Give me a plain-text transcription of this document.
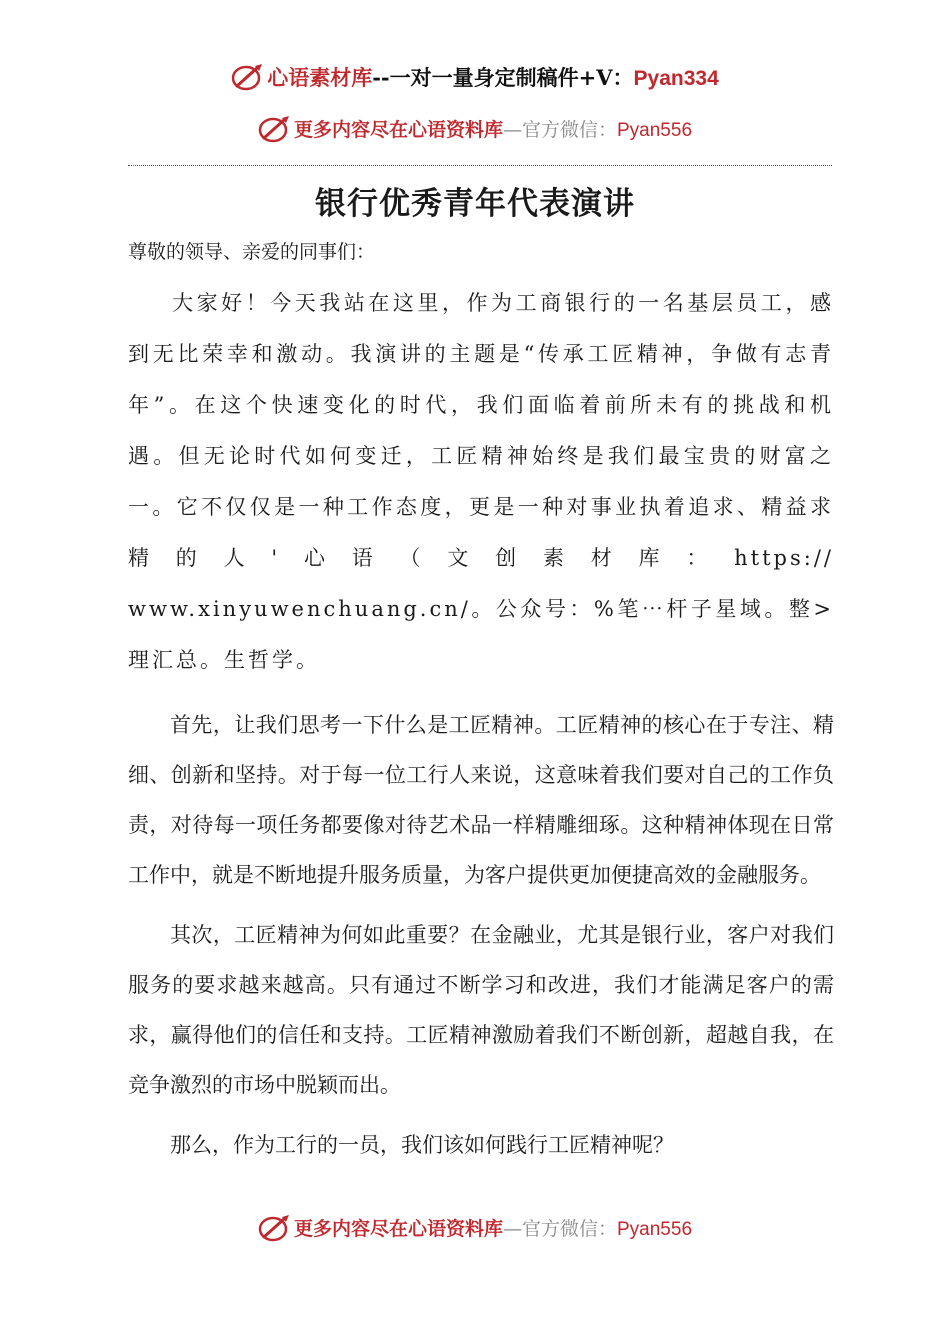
心语素材库--一对一量身定制稿件+V：Pyan334
更多内容尽在心语资料库—官方微信：Pyan556
银行优秀青年代表演讲

尊敬的领导、亲爱的同事们：

大家好！今天我站在这里，作为工商银行的一名基层员工，感到无比荣幸和激动。我演讲的主题是“传承工匠精神，争做有志青年”。在这个快速变化的时代，我们面临着前所未有的挑战和机遇。但无论时代如何变迁，工匠精神始终是我们最宝贵的财富之一。它不仅仅是一种工作态度，更是一种对事业执着追求、精益求精的人'心语（文创素材库：https:// www.xinyuwenchuang.cn/。公众号：%笔⋯杆子星域。整>理汇总。生哲学。

首先，让我们思考一下什么是工匠精神。工匠精神的核心在于专注、精细、创新和坚持。对于每一位工行人来说，这意味着我们要对自己的工作负责，对待每一项任务都要像对待艺术品一样精雕细琢。这种精神体现在日常工作中，就是不断地提升服务质量，为客户提供更加便捷高效的金融服务。

其次，工匠精神为何如此重要？在金融业，尤其是银行业，客户对我们服务的要求越来越高。只有通过不断学习和改进，我们才能满足客户的需求，赢得他们的信任和支持。工匠精神激励着我们不断创新，超越自我，在竞争激烈的市场中脱颖而出。

那么，作为工行的一员，我们该如何践行工匠精神呢？

更多内容尽在心语资料库—官方微信：Pyan556
